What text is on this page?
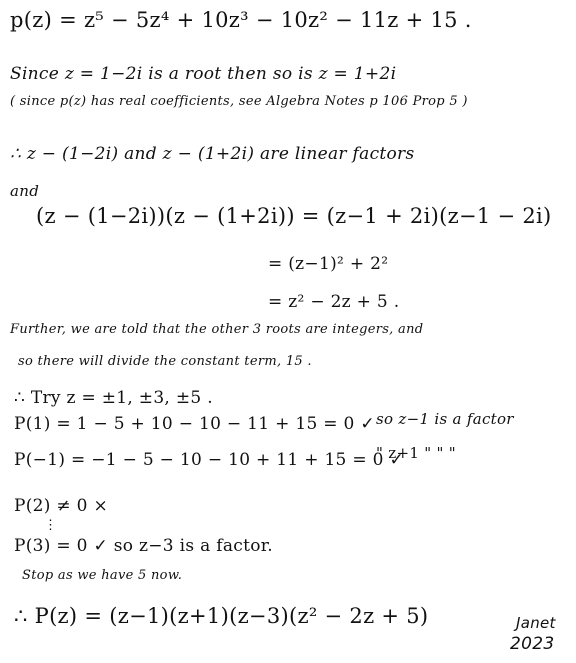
p(z) = z⁵ − 5z⁴ + 10z³ − 10z² − 11z + 15 .
Since z = 1−2i is a root then so is z = 1+2i
( since p(z) has real coefficients, see Algebra Notes p 106 Prop 5 )
∴ z − (1−2i) and z − (1+2i) are linear factors
and
(z − (1−2i))(z − (1+2i)) = (z−1 + 2i)(z−1 − 2i)
= (z−1)² + 2²
= z² − 2z + 5 .
Further, we are told that the other 3 roots are integers, and
so there will divide the constant term, 15 .
∴ Try z = ±1, ±3, ±5 .
P(1) = 1 − 5 + 10 − 10 − 11 + 15 = 0 ✓ so z−1 is a factor
P(−1) = −1 − 5 − 10 − 10 + 11 + 15 = 0 ✓
" z+1 " " "
P(2) ≠ 0 ×
⋮
P(3) = 0 ✓ so z−3 is a factor.
Stop as we have 5 now.
∴ P(z) = (z−1)(z+1)(z−3)(z² − 2z + 5)	Janet
2023
